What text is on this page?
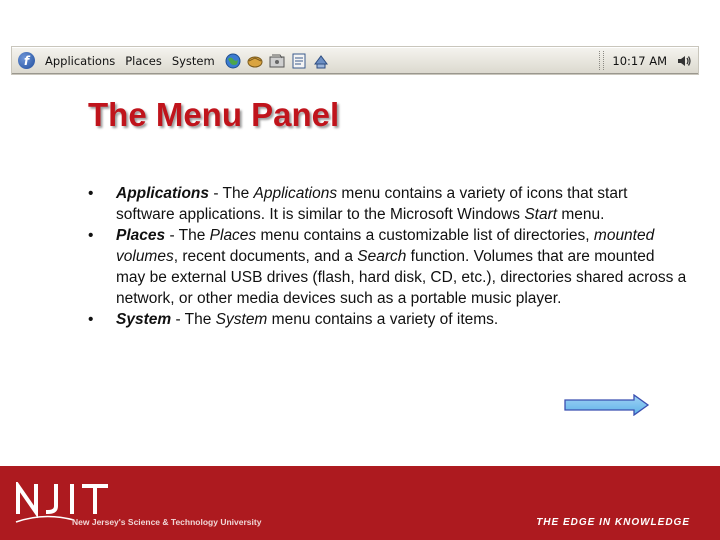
f	Applications Places System	10:17 AM
The Menu Panel
• Applications - The Applications menu contains a variety of icons that start software applications. It is similar to the Microsoft Windows Start menu.
• Places - The Places menu contains a customizable list of directories, mounted volumes, recent documents, and a Search function. Volumes that are mounted may be external USB drives (flash, hard disk, CD, etc.), directories shared across a network, or other media devices such as a portable music player.
• System - The System menu contains a variety of items.
New Jersey's Science & Technology University	THE EDGE IN KNOWLEDGE
